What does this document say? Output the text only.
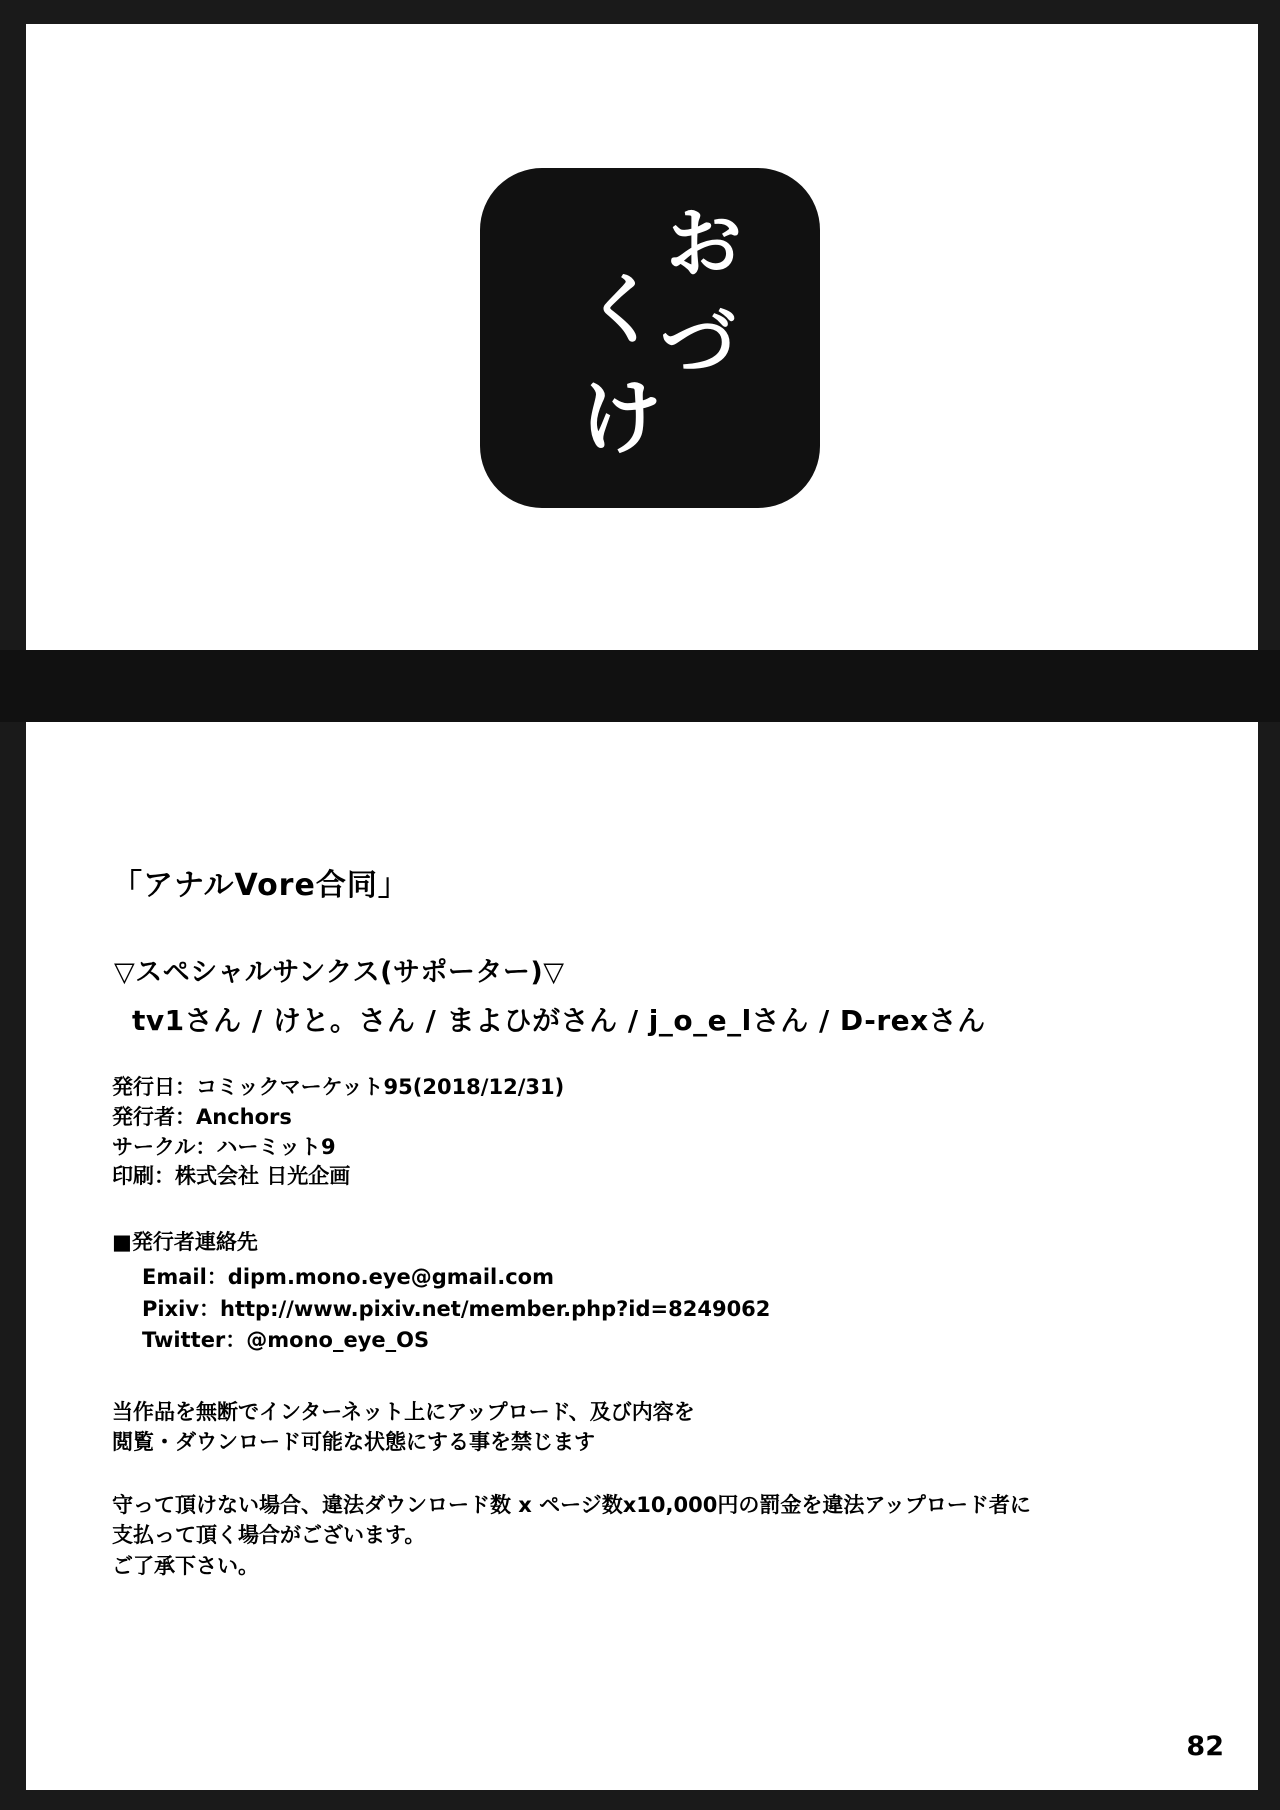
お
く づ
け
「アナルVore合同」
▽スペシャルサンクス(サポーター)▽
tv1さん / けと。さん / まよひがさん / j_o_e_lさん / D-rexさん
発行日：コミックマーケット95(2018/12/31)
発行者：Anchors
サークル：ハーミット9
印刷：株式会社 日光企画
■発行者連絡先
Email：dipm.mono.eye@gmail.com
Pixiv：http://www.pixiv.net/member.php?id=8249062
Twitter：@mono_eye_OS
当作品を無断でインターネット上にアップロード、及び内容を
閲覧・ダウンロード可能な状態にする事を禁じます
守って頂けない場合、違法ダウンロード数 x ページ数x10,000円の罰金を違法アップロード者に
支払って頂く場合がございます。
ご了承下さい。
82
